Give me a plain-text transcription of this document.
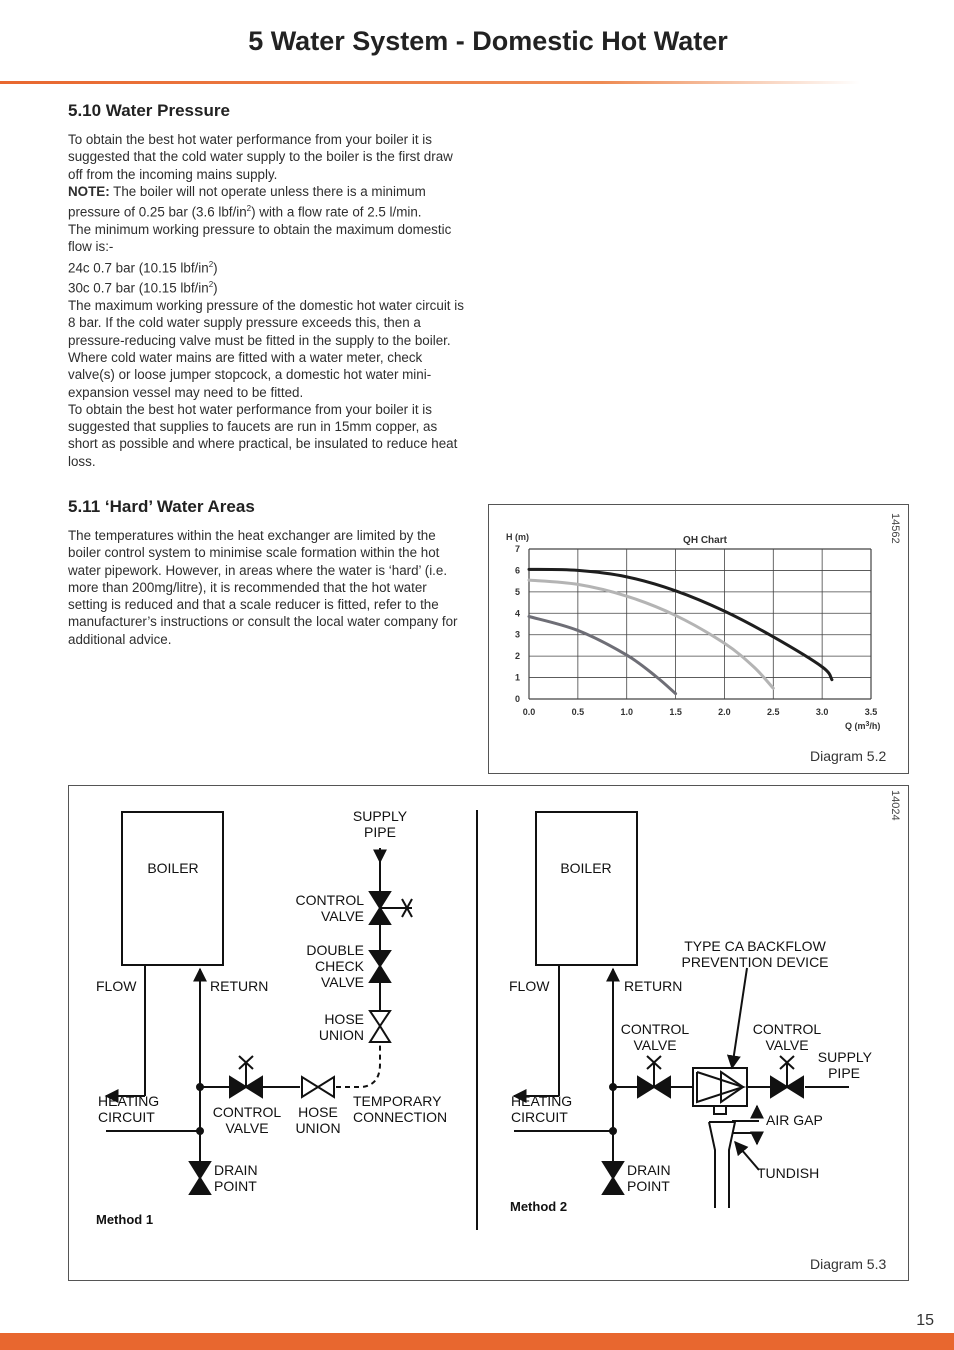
5 Water System - Domestic Hot Water
5.10 Water Pressure

To obtain the best hot water performance from your boiler it is suggested that the cold water supply to the boiler is the first draw off from the incoming mains supply.

NOTE: The boiler will not operate unless there is a minimum pressure of 0.25 bar (3.6 lbf/$in^2$) with a flow rate of 2.5 l/min.

The minimum working pressure to obtain the maximum domestic flow is:-

24c 0.7 bar (10.15 lbf/$in^2$)

30c 0.7 bar (10.15 lbf/$in^2$)

The maximum working pressure of the domestic hot water circuit is 8 bar. If the cold water supply pressure exceeds this, then a pressure-reducing valve must be fitted in the supply to the boiler.

Where cold water mains are fitted with a water meter, check valve(s) or loose jumper stopcock, a domestic hot water mini-expansion vessel may need to be fitted.

To obtain the best hot water performance from your boiler it is suggested that supplies to faucets are run in 15mm copper, as short as possible and where practical, be insulated to reduce heat loss.

5.11 ‘Hard’ Water Areas

The temperatures within the heat exchanger are limited by the boiler control system to minimise scale formation within the hot water pipework. However, in areas where the water is ‘hard’ (i.e. more than 200mg/litre), it is recommended that the hot water setting is reduced and that a scale reducer is fitted, refer to the manufacturer’s instructions or consult the local water company for additional advice.

14562
QH Chart
H (m)
Q $(m^3/h)$
0.0	0.5	1.0	1.5	2.0	2.5	3.0	3.5
0
1
2
3
4
5
6
7
Diagram 5.2
14024
BOILER
FLOW	RETURN
SUPPLY PIPE
CONTROL VALVE
DOUBLE CHECK VALVE
HOSE UNION
HEATING CIRCUIT	CONTROL VALVE
HOSE UNION
TEMPORARY CONNECTION
DRAIN POINT
Method 1
BOILER
FLOW	RETURN
TYPE CA BACKFLOW PREVENTION DEVICE
CONTROL VALVE
CONTROL VALVE
SUPPLY PIPE
HEATING CIRCUIT	AIR GAP
TUNDISH
DRAIN POINT
Method 2
Diagram 5.3
15
